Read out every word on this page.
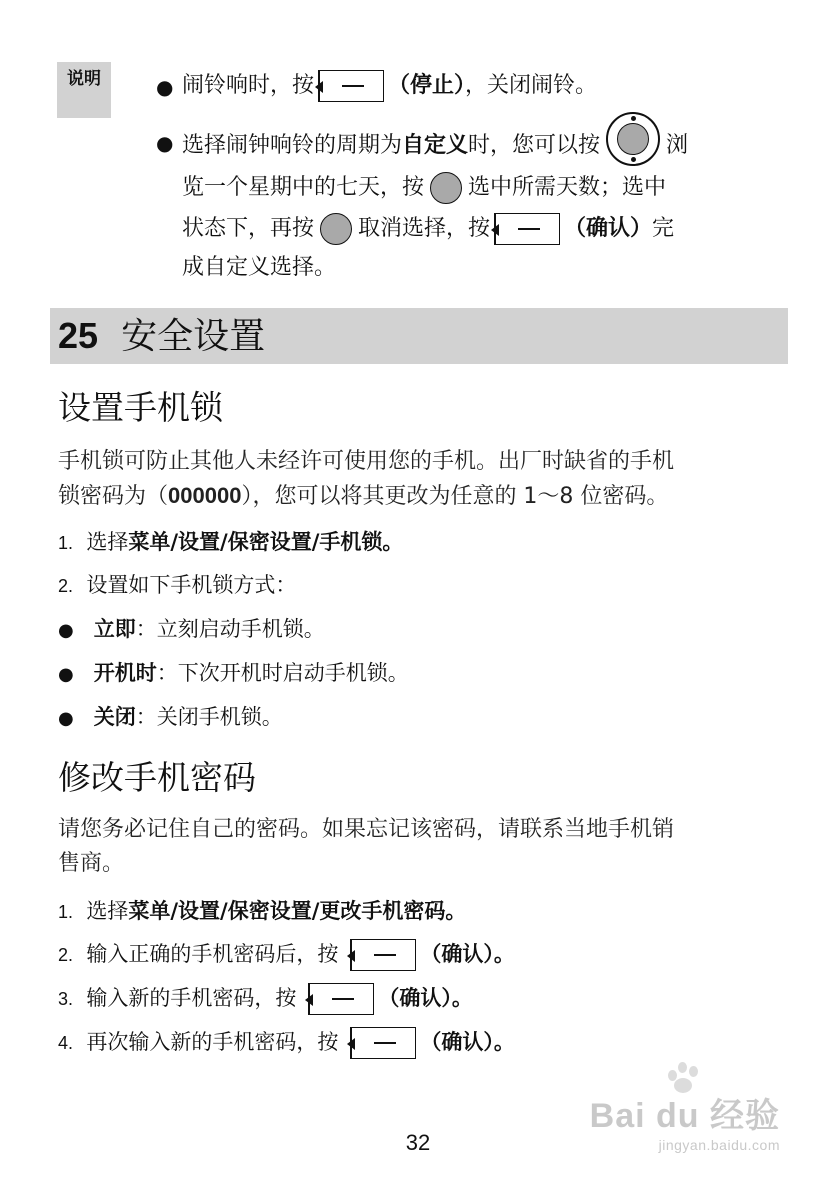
说明	● 闹铃响时，按	（停止），关闭闹铃。
● 选择闹钟响铃的周期为自定义时，您可以按	浏
览一个星期中的七天，按 选中所需天数；选中
状态下，再按 取消选择，按	（确认）完
成自定义选择。
25 安全设置
设置手机锁
手机锁可防止其他人未经许可使用您的手机。出厂时缺省的手机
锁密码为（000000），您可以将其更改为任意的 1～8 位密码。
1. 选择菜单/设置/保密设置/手机锁。
2. 设置如下手机锁方式：
● 立即：立刻启动手机锁。
● 开机时：下次开机时启动手机锁。
● 关闭：关闭手机锁。
修改手机密码
请您务必记住自己的密码。如果忘记该密码，请联系当地手机销
售商。
1. 选择菜单/设置/保密设置/更改手机密码。
2. 输入正确的手机密码后，按	（确认）。
3. 输入新的手机密码，按	（确认）。
4. 再次输入新的手机密码，按	（确认）。
Bai du 经验
jingyan.baidu.com
32
